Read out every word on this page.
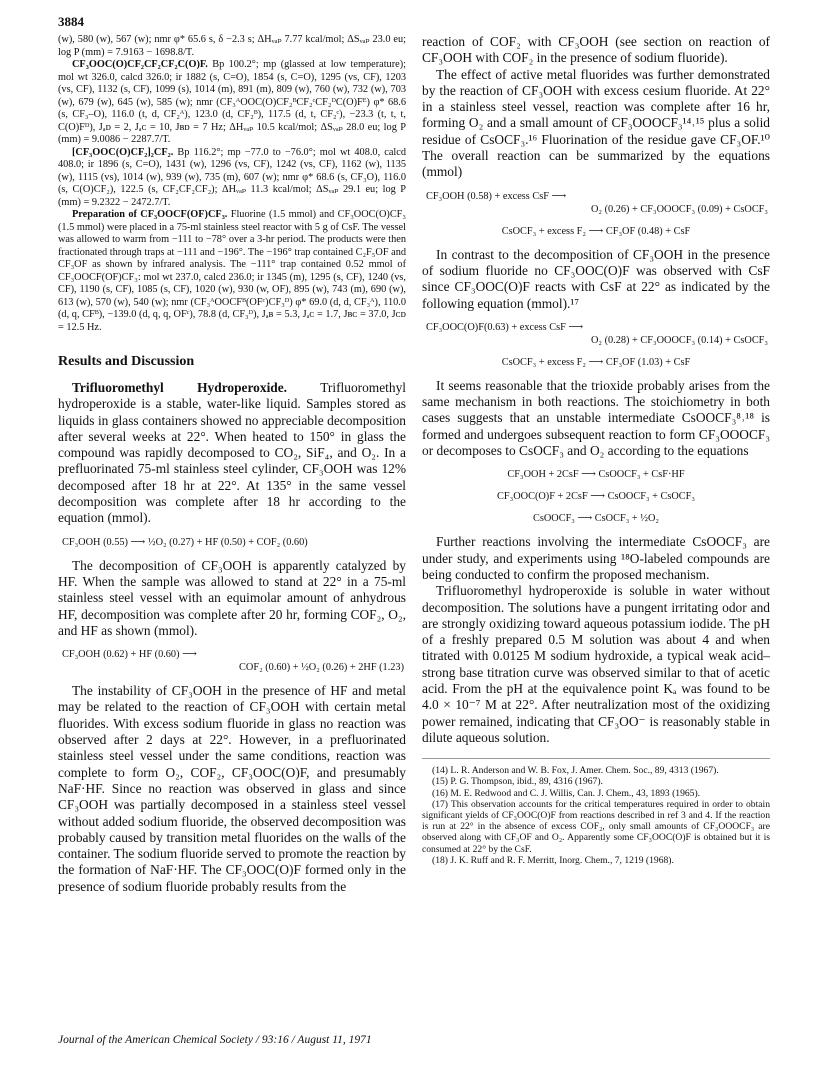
3884

(w), 580 (w), 567 (w); nmr φ* 65.6 s, δ −2.3 s; ΔHᵥₐₚ 7.77 kcal/mol; ΔSᵥₐₚ 23.0 eu; log P (mm) = 7.9163 − 1698.8/T.

CF₃OOC(O)CF₂CF₂CF₂C(O)F. Bp 100.2°; mp (glassed at low temperature); mol wt 326.0, calcd 326.0; ir 1882 (s, C=O), 1854 (s, C=O), 1295 (vs, CF), 1203 (vs, CF), 1132 (s, CF), 1099 (s), 1014 (m), 891 (m), 809 (w), 760 (w), 732 (w), 703 (w), 679 (w), 645 (w), 585 (w); nmr (CF₃ᴬOOC(O)CF₂ᴮCF₂ᶜCF₂ᴰC(O)Fᴱ) φ* 68.6 (s, CF₃–O), 116.0 (t, d, CF₂ᴬ), 123.0 (d, CF₂ᴮ), 117.5 (d, t, CF₂ᶜ), −23.3 (t, t, t, C(O)Fᴰ), Jₐᴅ = 2, Jₐᴄ = 10, Jʙᴅ = 7 Hz; ΔHᵥₐₚ 10.5 kcal/mol; ΔSᵥₐₚ 28.0 eu; log P (mm) = 9.0086 − 2287.7/T.

[CF₃OOC(O)CF₂]₂CF₂. Bp 116.2°; mp −77.0 to −76.0°; mol wt 408.0, calcd 408.0; ir 1896 (s, C=O), 1431 (w), 1296 (vs, CF), 1242 (vs, CF), 1162 (w), 1135 (w), 1115 (vs), 1014 (w), 939 (w), 735 (m), 607 (w); nmr φ* 68.6 (s, CF₃O), 116.0 (s, C(O)CF₂), 122.5 (s, CF₂CF₂CF₂); ΔHᵥₐₚ 11.3 kcal/mol; ΔSᵥₐₚ 29.1 eu; log P (mm) = 9.2322 − 2472.7/T.

Preparation of CF₃OOCF(OF)CF₃. Fluorine (1.5 mmol) and CF₃OOC(O)CF₃ (1.5 mmol) were placed in a 75-ml stainless steel reactor with 5 g of CsF. The vessel was allowed to warm from −111 to −78° over a 3-hr period. The products were then fractionated through traps at −111 and −196°. The −196° trap contained C₂F₅OF and CF₃OF as shown by infrared analysis. The −111° trap contained 0.52 mmol of CF₃OOCF(OF)CF₃: mol wt 237.0, calcd 236.0; ir 1345 (m), 1295 (s, CF), 1240 (vs, CF), 1190 (s, CF), 1085 (s, CF), 1020 (w), 930 (w, OF), 895 (w), 743 (m), 690 (w), 613 (w), 570 (w), 540 (w); nmr (CF₃ᴬOOCFᴮ(OFᶜ)CF₃ᴰ) φ* 69.0 (d, d, CF₃ᴬ), 110.0 (d, q, CFᴮ), −139.0 (d, q, q, OFᶜ), 78.8 (d, CF₃ᴰ), Jₐʙ = 5.3, Jₐᴄ = 1.7, Jʙᴄ = 37.0, Jᴄᴅ = 12.5 Hz.

Results and Discussion

Trifluoromethyl Hydroperoxide. Trifluoromethyl hydroperoxide is a stable, water-like liquid. Samples stored as liquids in glass containers showed no appreciable decomposition after several weeks at 22°. When heated to 150° in glass the compound was rapidly decomposed to CO₂, SiF₄, and O₂. In a prefluorinated 75-ml stainless steel cylinder, CF₃OOH was 12% decomposed after 18 hr at 22°. At 135° in the same vessel decomposition was complete after 18 hr according to the equation (mmol).

CF₃OOH (0.55) ⟶ ½O₂ (0.27) + HF (0.50) + COF₂ (0.60)

The decomposition of CF₃OOH is apparently catalyzed by HF. When the sample was allowed to stand at 22° in a 75-ml stainless steel vessel with an equimolar amount of anhydrous HF, decomposition was complete after 20 hr, forming COF₂, O₂, and HF as shown (mmol).

CF₃OOH (0.62) + HF (0.60) ⟶
COF₂ (0.60) + ½O₂ (0.26) + 2HF (1.23)

The instability of CF₃OOH in the presence of HF and metal may be related to the reaction of CF₃OOH with certain metal fluorides. With excess sodium fluoride in glass no reaction was observed after 2 days at 22°. However, in a prefluorinated stainless steel vessel under the same conditions, reaction was complete to form O₂, COF₂, CF₃OOC(O)F, and presumably NaF·HF. Since no reaction was observed in glass and since CF₃OOH was partially decomposed in a stainless steel vessel without added sodium fluoride, the observed decomposition was probably caused by transition metal fluorides on the walls of the container. The sodium fluoride served to promote the reaction by the formation of NaF·HF. The CF₃OOC(O)F formed only in the presence of sodium fluoride probably results from the

reaction of COF₂ with CF₃OOH (see section on reaction of CF₃OOH with COF₂ in the presence of sodium fluoride).

The effect of active metal fluorides was further demonstrated by the reaction of CF₃OOH with excess cesium fluoride. At 22° in a stainless steel vessel, reaction was complete after 16 hr, forming O₂ and a small amount of CF₃OOOCF₃¹⁴˒¹⁵ plus a solid residue of CsOCF₃.¹⁶ Fluorination of the residue gave CF₃OF.¹⁰ The overall reaction can be summarized by the equations (mmol)

CF₃OOH (0.58) + excess CsF ⟶
O₂ (0.26) + CF₃OOOCF₃ (0.09) + CsOCF₃
CsOCF₃ + excess F₂ ⟶ CF₃OF (0.48) + CsF

In contrast to the decomposition of CF₃OOH in the presence of sodium fluoride no CF₃OOC(O)F was observed with CsF since CF₃OOC(O)F reacts with CsF at 22° as indicated by the following equation (mmol).¹⁷

CF₃OOC(O)F(0.63) + excess CsF ⟶
O₂ (0.28) + CF₃OOOCF₃ (0.14) + CsOCF₃
CsOCF₃ + excess F₂ ⟶ CF₃OF (1.03) + CsF

It seems reasonable that the trioxide probably arises from the same mechanism in both reactions. The stoichiometry in both cases suggests that an unstable intermediate CsOOCF₃⁸˒¹⁸ is formed and undergoes subsequent reaction to form CF₃OOOCF₃ or decomposes to CsOCF₃ and O₂ according to the equations

CF₃OOH + 2CsF ⟶ CsOOCF₃ + CsF·HF
CF₃OOC(O)F + 2CsF ⟶ CsOOCF₃ + CsOCF₃
CsOOCF₃ ⟶ CsOCF₃ + ½O₂

Further reactions involving the intermediate CsOOCF₃ are under study, and experiments using ¹⁸O-labeled compounds are being conducted to confirm the proposed mechanism.

Trifluoromethyl hydroperoxide is soluble in water without decomposition. The solutions have a pungent irritating odor and are strongly oxidizing toward aqueous potassium iodide. The pH of a freshly prepared 0.5 M solution was about 4 and when titrated with 0.0125 M sodium hydroxide, a typical weak acid–strong base titration curve was observed similar to that of acetic acid. From the pH at the equivalence point Kₐ was found to be 4.0 × 10⁻⁷ M at 22°. After neutralization most of the oxidizing power remained, indicating that CF₃OO⁻ is reasonably stable in dilute aqueous solution.

(14) L. R. Anderson and W. B. Fox, J. Amer. Chem. Soc., 89, 4313 (1967).

(15) P. G. Thompson, ibid., 89, 4316 (1967).

(16) M. E. Redwood and C. J. Willis, Can. J. Chem., 43, 1893 (1965).

(17) This observation accounts for the critical temperatures required in order to obtain significant yields of CF₃OOC(O)F from reactions described in ref 3 and 4. If the reaction is run at 22° in the absence of excess COF₂, only small amounts of CF₃OOOCF₃ are observed along with CF₃OF and O₂. Apparently some CF₃OOC(O)F is obtained but it is consumed at 22° by the CsF.

(18) J. K. Ruff and R. F. Merritt, Inorg. Chem., 7, 1219 (1968).

Journal of the American Chemical Society / 93:16 / August 11, 1971
